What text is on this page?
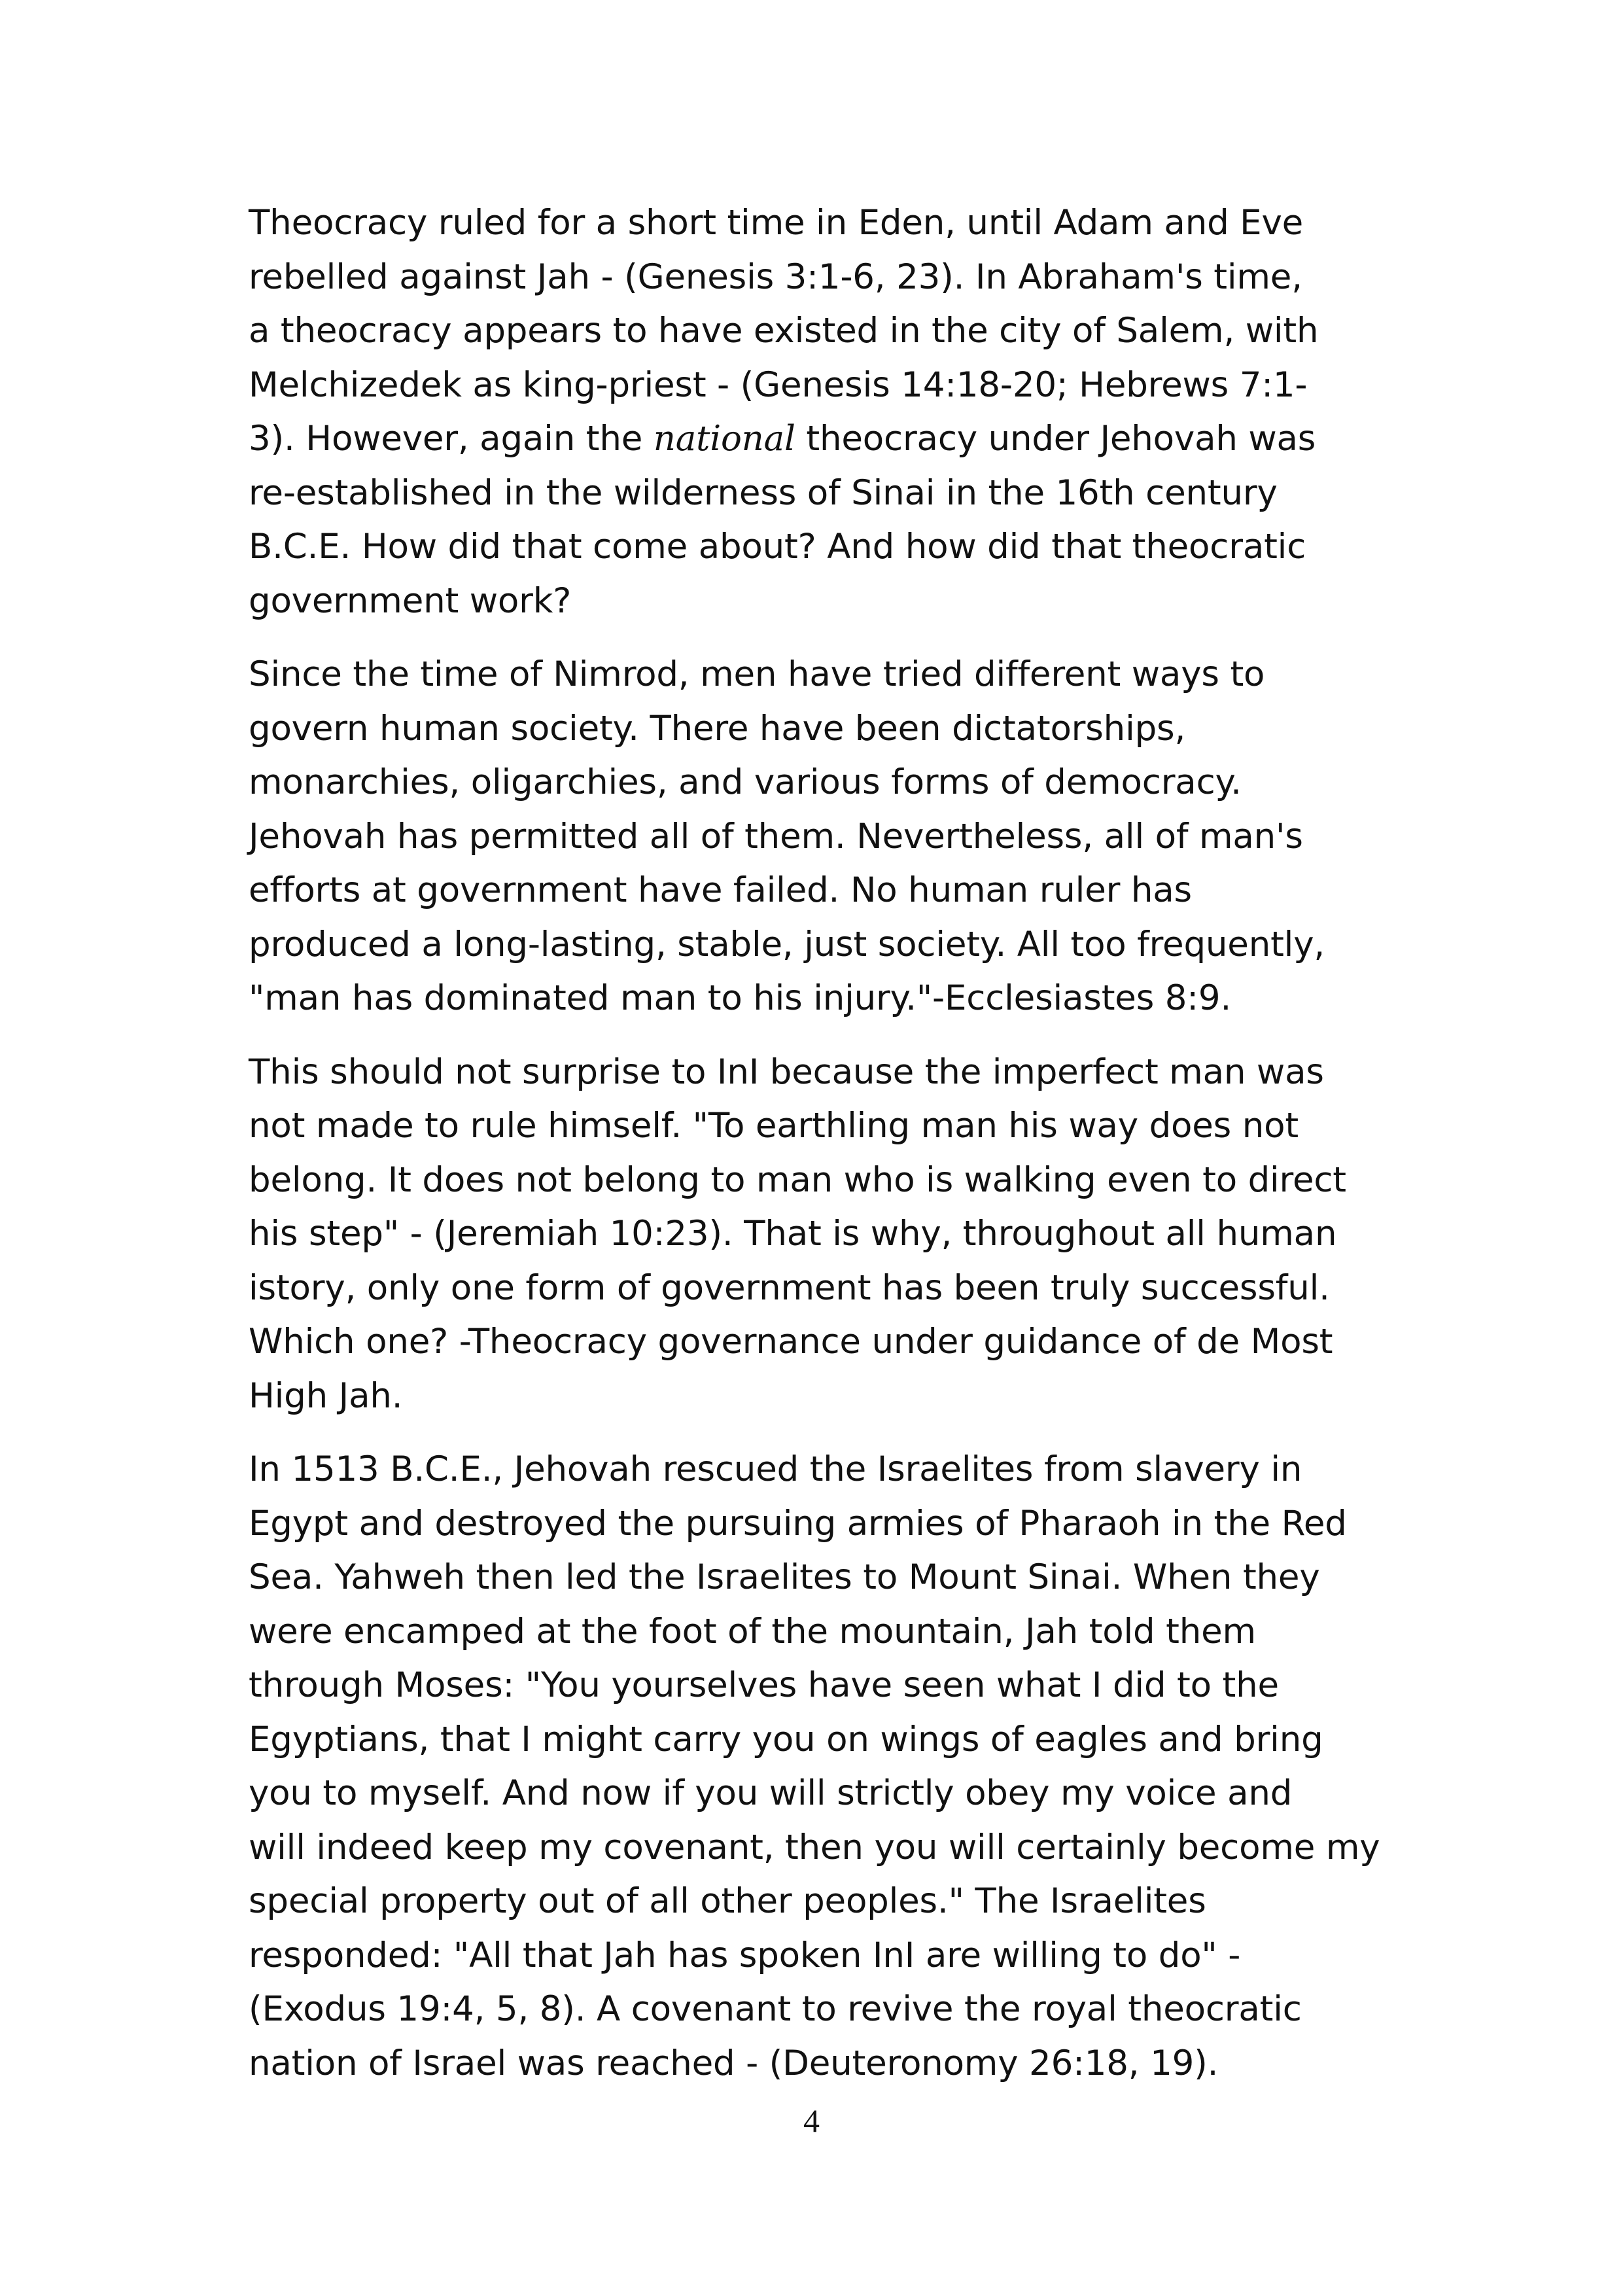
Theocracy ruled for a short time in Eden, until Adam and Eve
rebelled against Jah - (Genesis 3:1-6, 23). In Abraham's time,
a theocracy appears to have existed in the city of Salem, with
Melchizedek as king-priest - (Genesis 14:18-20; Hebrews 7:1-
3). However, again the national theocracy under Jehovah was
re-established in the wilderness of Sinai in the 16th century
B.C.E. How did that come about? And how did that theocratic
government work?

Since the time of Nimrod, men have tried different ways to
govern human society. There have been dictatorships,
monarchies, oligarchies, and various forms of democracy.
Jehovah has permitted all of them. Nevertheless, all of man's
efforts at government have failed. No human ruler has
produced a long-lasting, stable, just society. All too frequently,
"man has dominated man to his injury."-Ecclesiastes 8:9.

This should not surprise to InI because the imperfect man was
not made to rule himself. "To earthling man his way does not
belong. It does not belong to man who is walking even to direct
his step" - (Jeremiah 10:23). That is why, throughout all human
istory, only one form of government has been truly successful.
Which one? -Theocracy governance under guidance of de Most
High Jah.

In 1513 B.C.E., Jehovah rescued the Israelites from slavery in
Egypt and destroyed the pursuing armies of Pharaoh in the Red
Sea. Yahweh then led the Israelites to Mount Sinai. When they
were encamped at the foot of the mountain, Jah told them
through Moses: "You yourselves have seen what I did to the
Egyptians, that I might carry you on wings of eagles and bring
you to myself. And now if you will strictly obey my voice and
will indeed keep my covenant, then you will certainly become my
special property out of all other peoples." The Israelites
responded: "All that Jah has spoken InI are willing to do" -
(Exodus 19:4, 5, 8). A covenant to revive the royal theocratic
nation of Israel was reached - (Deuteronomy 26:18, 19).

4
